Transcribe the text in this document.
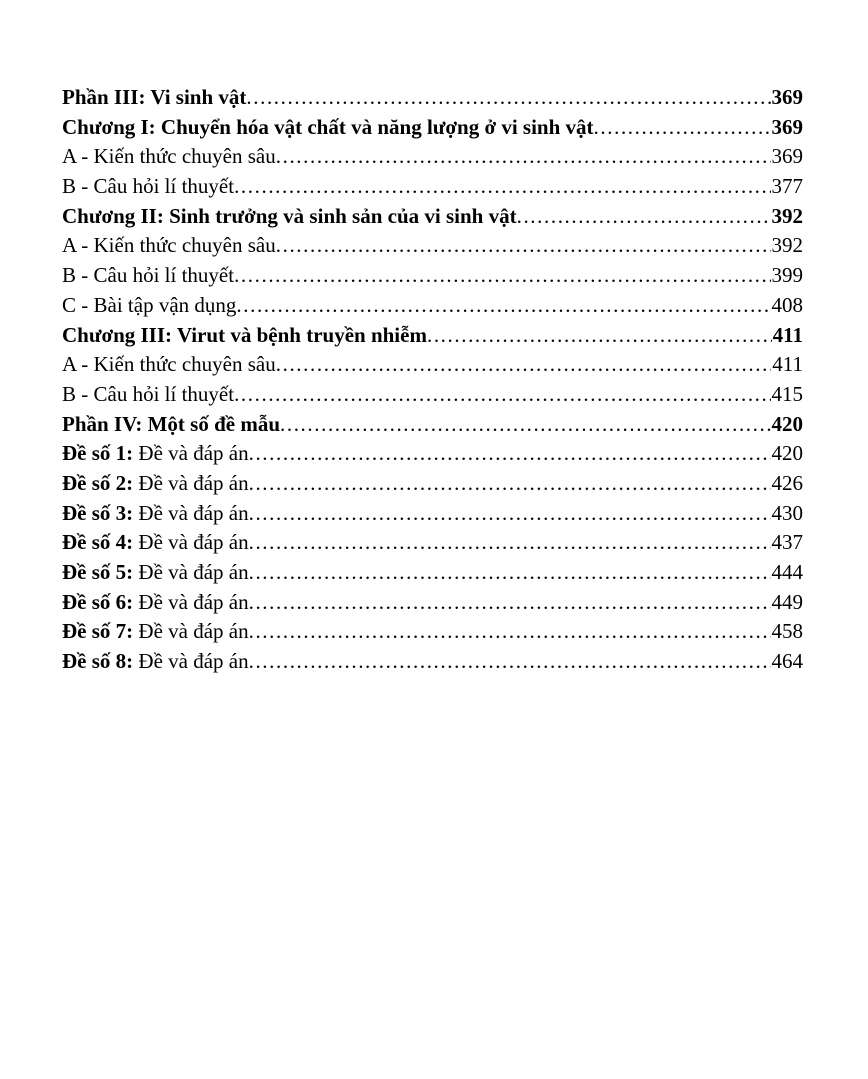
Phần III: Vi sinh vật .....	369
Chương I: Chuyển hóa vật chất và năng lượng ở vi sinh vật .....	369
A - Kiến thức chuyên sâu .....	369
B - Câu hỏi lí thuyết .....	377
Chương II: Sinh trưởng và sinh sản của vi sinh vật .....	392
A - Kiến thức chuyên sâu .....	392
B - Câu hỏi lí thuyết .....	399
C - Bài tập vận dụng .....	408
Chương III: Virut và bệnh truyền nhiễm .....	411
A - Kiến thức chuyên sâu .....	411
B - Câu hỏi lí thuyết .....	415
Phần IV: Một số đề mẫu .....	420
Đề số 1: Đề và đáp án .....	420
Đề số 2: Đề và đáp án .....	426
Đề số 3: Đề và đáp án .....	430
Đề số 4: Đề và đáp án .....	437
Đề số 5: Đề và đáp án .....	444
Đề số 6: Đề và đáp án .....	449
Đề số 7: Đề và đáp án .....	458
Đề số 8: Đề và đáp án .....	464
